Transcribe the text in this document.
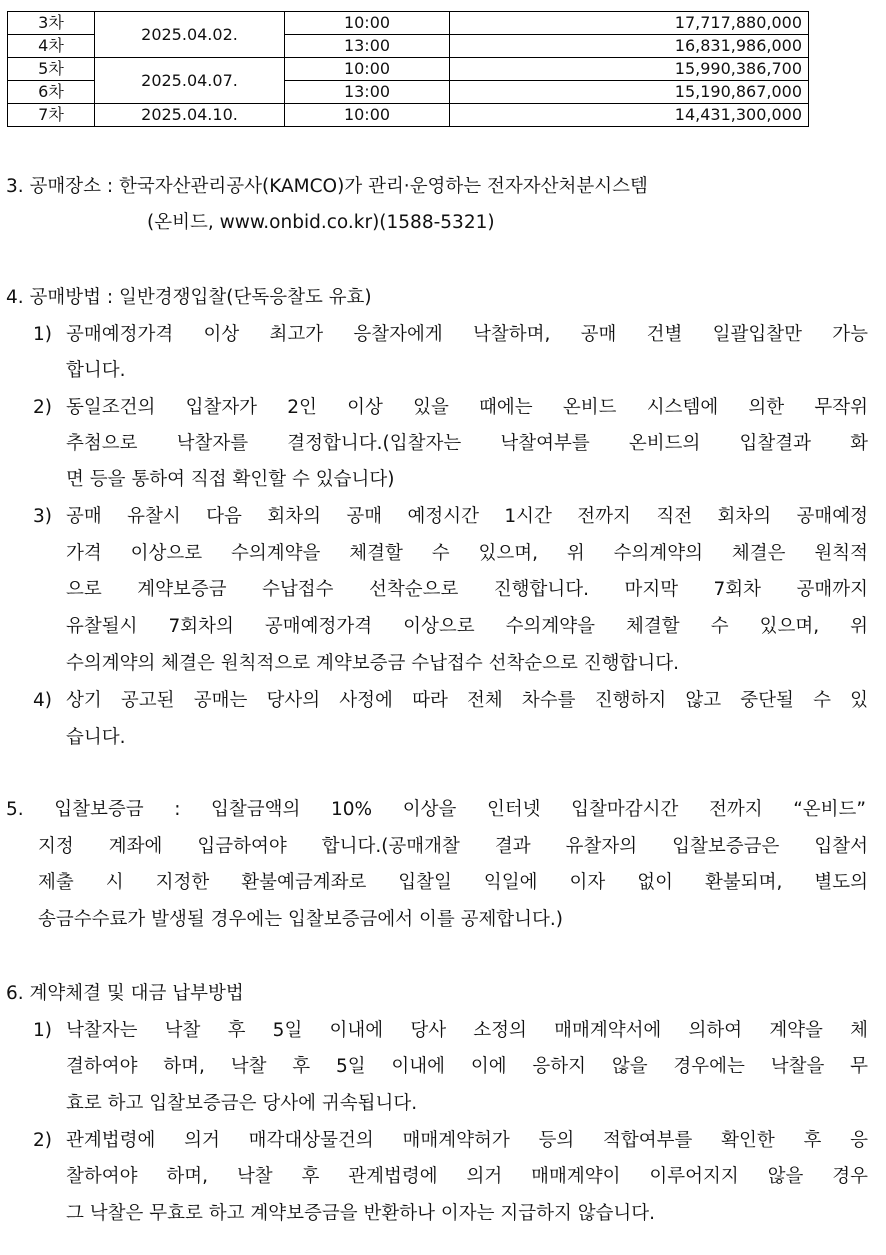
3차	2025.04.02.	10:00	17,717,880,000
4차		13:00	16,831,986,000
5차	2025.04.07.	10:00	15,990,386,700
6차		13:00	15,190,867,000
7차	2025.04.10.	10:00	14,431,300,000
3. 공매장소 : 한국자산관리공사(KAMCO)가 관리·운영하는 전자자산처분시스템
(온비드, www.onbid.co.kr)(1588-5321)
4. 공매방법 : 일반경쟁입찰(단독응찰도 유효)
1) 공매예정가격 이상 최고가 응찰자에게 낙찰하며, 공매 건별 일괄입찰만 가능
합니다.
2) 동일조건의 입찰자가 2인 이상 있을 때에는 온비드 시스템에 의한 무작위
추첨으로 낙찰자를 결정합니다.(입찰자는 낙찰여부를 온비드의 입찰결과 화
면 등을 통하여 직접 확인할 수 있습니다)
3) 공매 유찰시 다음 회차의 공매 예정시간 1시간 전까지 직전 회차의 공매예정
가격 이상으로 수의계약을 체결할 수 있으며, 위 수의계약의 체결은 원칙적
으로 계약보증금 수납접수 선착순으로 진행합니다. 마지막 7회차 공매까지
유찰될시 7회차의 공매예정가격 이상으로 수의계약을 체결할 수 있으며, 위
수의계약의 체결은 원칙적으로 계약보증금 수납접수 선착순으로 진행합니다.
4) 상기 공고된 공매는 당사의 사정에 따라 전체 차수를 진행하지 않고 중단될 수 있
습니다.
5. 입찰보증금 : 입찰금액의 10% 이상을 인터넷 입찰마감시간 전까지 “온비드”
지정 계좌에 입금하여야 합니다.(공매개찰 결과 유찰자의 입찰보증금은 입찰서
제출 시 지정한 환불예금계좌로 입찰일 익일에 이자 없이 환불되며, 별도의
송금수수료가 발생될 경우에는 입찰보증금에서 이를 공제합니다.)
6. 계약체결 및 대금 납부방법
1) 낙찰자는 낙찰 후 5일 이내에 당사 소정의 매매계약서에 의하여 계약을 체
결하여야 하며, 낙찰 후 5일 이내에 이에 응하지 않을 경우에는 낙찰을 무
효로 하고 입찰보증금은 당사에 귀속됩니다.
2) 관계법령에 의거 매각대상물건의 매매계약허가 등의 적합여부를 확인한 후 응
찰하여야 하며, 낙찰 후 관계법령에 의거 매매계약이 이루어지지 않을 경우
그 낙찰은 무효로 하고 계약보증금을 반환하나 이자는 지급하지 않습니다.
